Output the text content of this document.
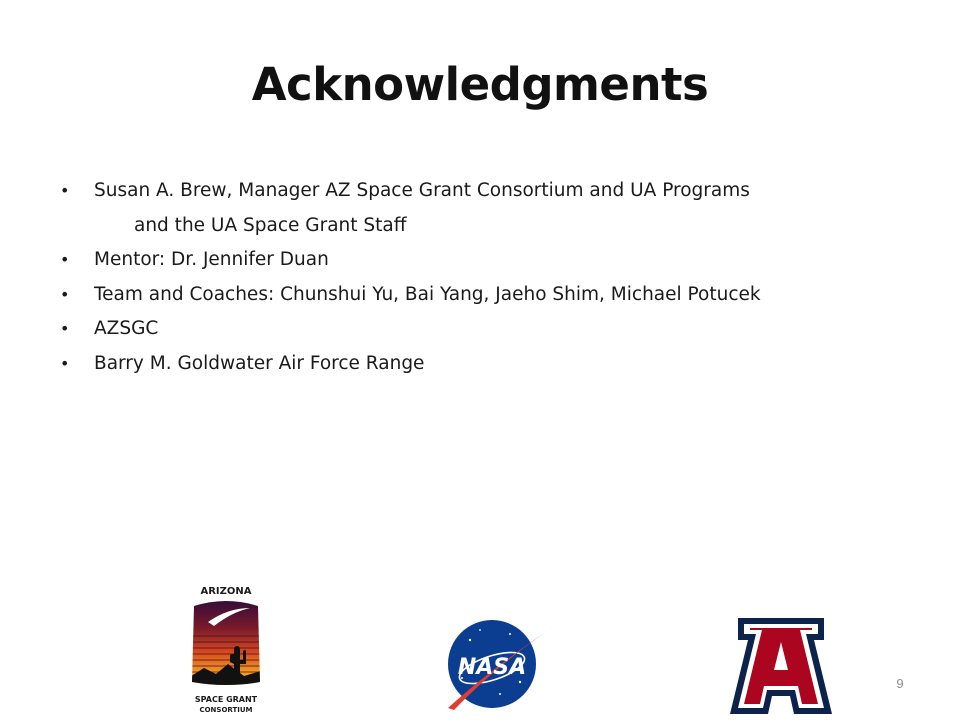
Acknowledgments
• Susan A. Brew, Manager AZ Space Grant Consortium and UA Programs
and the UA Space Grant Staff
• Mentor: Dr. Jennifer Duan
• Team and Coaches: Chunshui Yu, Bai Yang, Jaeho Shim, Michael Potucek
• AZSGC
• Barry M. Goldwater Air Force Range
ARIZONA
SPACE GRANT
CONSORTIUM
NASA
9
